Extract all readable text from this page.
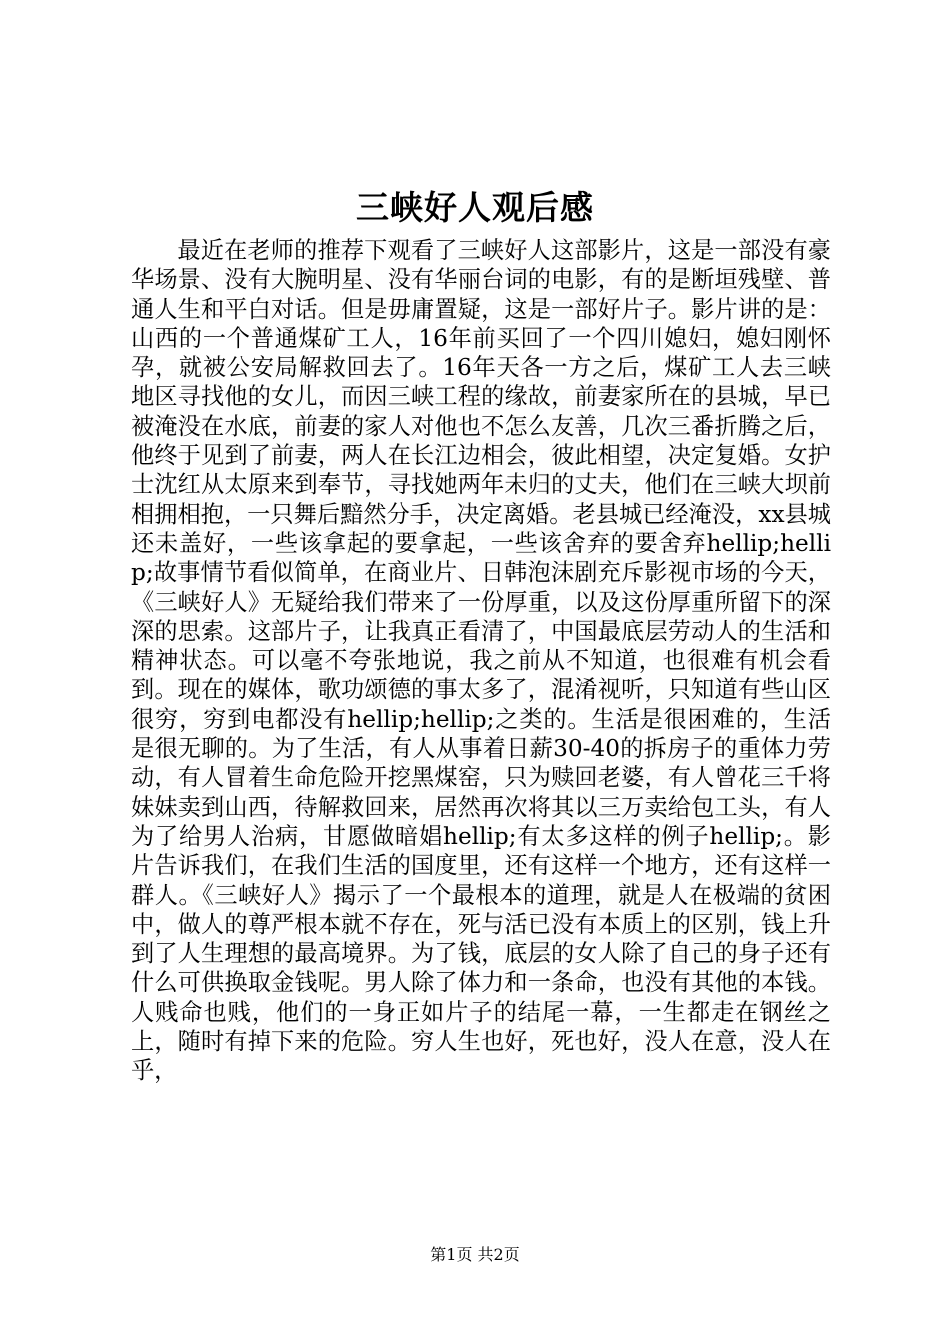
三峡好人观后感

最近在老师的推荐下观看了三峡好人这部影片，这是一部没有豪华场景、没有大腕明星、没有华丽台词的电影，有的是断垣残壁、普通人生和平白对话。但是毋庸置疑，这是一部好片子。影片讲的是：山西的一个普通煤矿工人，16年前买回了一个四川媳妇，媳妇刚怀孕，就被公安局解救回去了。16年天各一方之后，煤矿工人去三峡地区寻找他的女儿，而因三峡工程的缘故，前妻家所在的县城，早已被淹没在水底，前妻的家人对他也不怎么友善，几次三番折腾之后，他终于见到了前妻，两人在长江边相会，彼此相望，决定复婚。女护士沈红从太原来到奉节，寻找她两年未归的丈夫，他们在三峡大坝前相拥相抱，一只舞后黯然分手，决定离婚。老县城已经淹没，xx县城还未盖好，一些该拿起的要拿起，一些该舍弃的要舍弃hellip;hellip;故事情节看似简单，在商业片、日韩泡沫剧充斥影视市场的今天，《三峡好人》无疑给我们带来了一份厚重，以及这份厚重所留下的深深的思索。这部片子，让我真正看清了，中国最底层劳动人的生活和精神状态。可以毫不夸张地说，我之前从不知道，也很难有机会看到。现在的媒体，歌功颂德的事太多了，混淆视听，只知道有些山区很穷，穷到电都没有hellip;hellip;之类的。生活是很困难的，生活是很无聊的。为了生活，有人从事着日薪30-40的拆房子的重体力劳动，有人冒着生命危险开挖黑煤窑，只为赎回老婆，有人曾花三千将妹妹卖到山西，待解救回来，居然再次将其以三万卖给包工头，有人为了给男人治病，甘愿做暗娼hellip;有太多这样的例子hellip;。影片告诉我们，在我们生活的国度里，还有这样一个地方，还有这样一群人。《三峡好人》揭示了一个最根本的道理，就是人在极端的贫困中，做人的尊严根本就不存在，死与活已没有本质上的区别，钱上升到了人生理想的最高境界。为了钱，底层的女人除了自己的身子还有什么可供换取金钱呢。男人除了体力和一条命，也没有其他的本钱。人贱命也贱，他们的一身正如片子的结尾一幕，一生都走在钢丝之上，随时有掉下来的危险。穷人生也好，死也好，没人在意，没人在乎，

第1页 共2页
